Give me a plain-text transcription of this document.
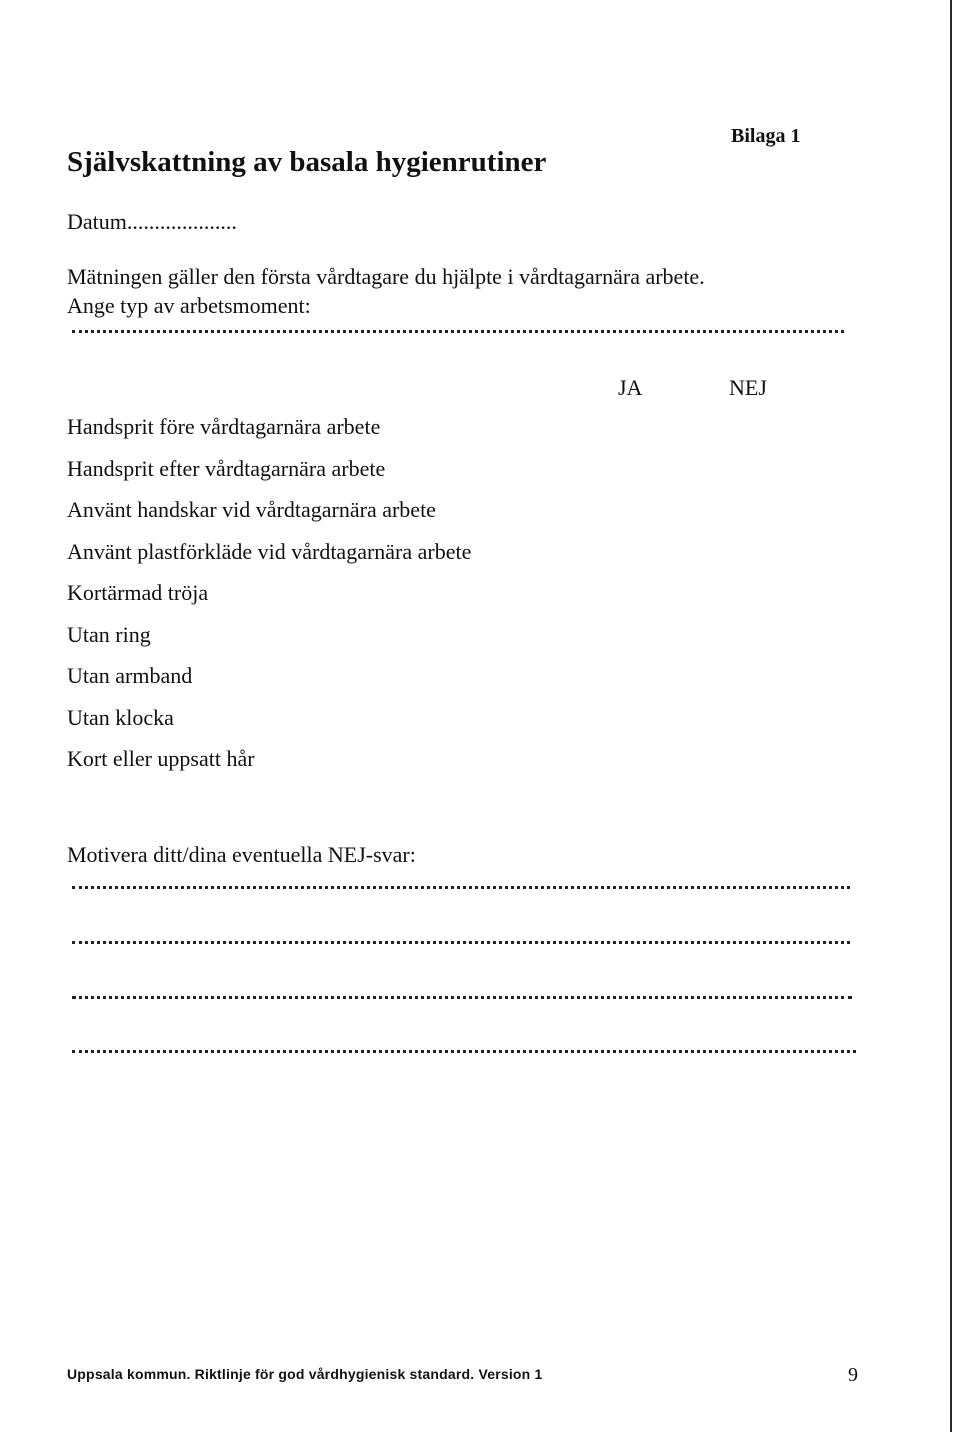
Bilaga 1
Självskattning av basala hygienrutiner
Datum....................
Mätningen gäller den första vårdtagare du hjälpte i vårdtagarnära arbete.
Ange typ av arbetsmoment:
JA	NEJ
Handsprit före vårdtagarnära arbete
Handsprit efter vårdtagarnära arbete
Använt handskar vid vårdtagarnära arbete
Använt plastförkläde vid vårdtagarnära arbete
Kortärmad tröja
Utan ring
Utan armband
Utan klocka
Kort eller uppsatt hår
Motivera ditt/dina eventuella NEJ-svar:
Uppsala kommun. Riktlinje för god vårdhygienisk standard. Version 1	9
